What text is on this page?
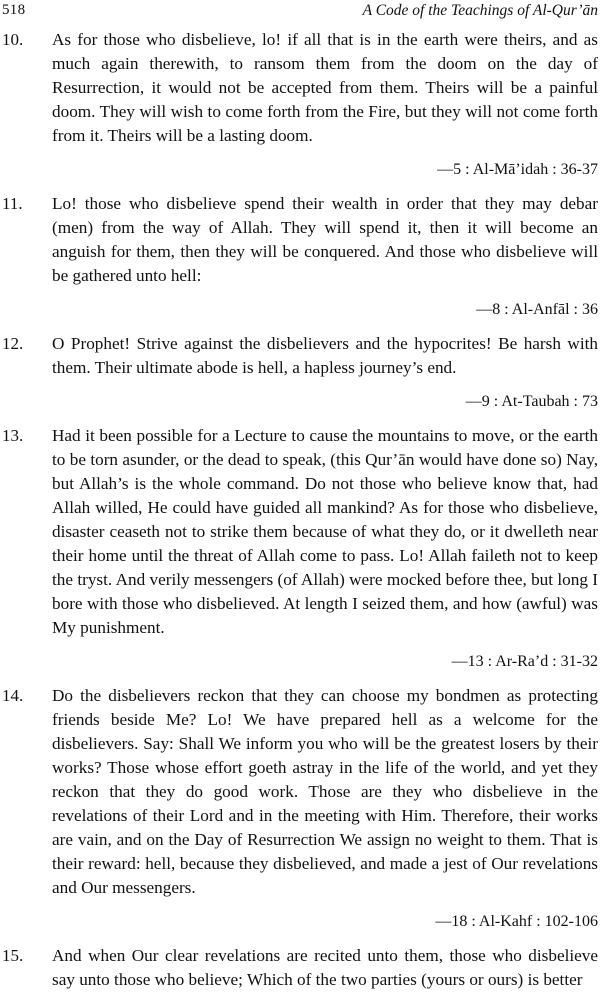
518	A Code of the Teachings of Al-Qur’ān
10. As for those who disbelieve, lo! if all that is in the earth were theirs, and as much again therewith, to ransom them from the doom on the day of Resurrection, it would not be accepted from them. Theirs will be a painful doom. They will wish to come forth from the Fire, but they will not come forth from it. Theirs will be a lasting doom.
—5 : Al-Mā’idah : 36-37
11. Lo! those who disbelieve spend their wealth in order that they may debar (men) from the way of Allah. They will spend it, then it will become an anguish for them, then they will be conquered. And those who disbelieve will be gathered unto hell:
—8 : Al-Anfāl : 36
12. O Prophet! Strive against the disbelievers and the hypocrites! Be harsh with them. Their ultimate abode is hell, a hapless journey’s end.
—9 : At-Taubah : 73
13. Had it been possible for a Lecture to cause the mountains to move, or the earth to be torn asunder, or the dead to speak, (this Qur’ān would have done so) Nay, but Allah’s is the whole command. Do not those who believe know that, had Allah willed, He could have guided all mankind? As for those who disbelieve, disaster ceaseth not to strike them because of what they do, or it dwelleth near their home until the threat of Allah come to pass. Lo! Allah faileth not to keep the tryst. And verily messengers (of Allah) were mocked before thee, but long I bore with those who disbelieved. At length I seized them, and how (awful) was My punishment.
—13 : Ar-Ra’d : 31-32
14. Do the disbelievers reckon that they can choose my bondmen as protecting friends beside Me? Lo! We have prepared hell as a welcome for the disbelievers. Say: Shall We inform you who will be the greatest losers by their works? Those whose effort goeth astray in the life of the world, and yet they reckon that they do good work. Those are they who disbelieve in the revelations of their Lord and in the meeting with Him. Therefore, their works are vain, and on the Day of Resurrection We assign no weight to them. That is their reward: hell, because they disbelieved, and made a jest of Our revelations and Our messengers.
—18 : Al-Kahf : 102-106
15. And when Our clear revelations are recited unto them, those who disbelieve say unto those who believe; Which of the two parties (yours or ours) is better
